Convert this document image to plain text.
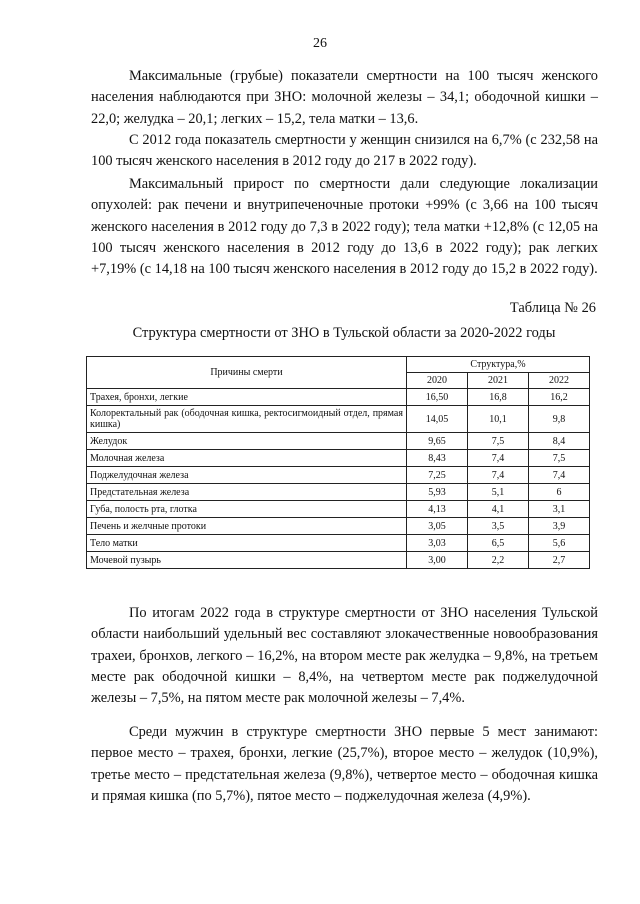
26

Максимальные (грубые) показатели смертности на 100 тысяч женского населения наблюдаются при ЗНО: молочной железы – 34,1; ободочной кишки – 22,0; желудка – 20,1; легких – 15,2, тела матки – 13,6.

С 2012 года показатель смертности у женщин снизился на 6,7% (с 232,58 на 100 тысяч женского населения в 2012 году до 217 в 2022 году).

Максимальный прирост по смертности дали следующие локализации опухолей: рак печени и внутрипеченочные протоки +99% (с 3,66 на 100 тысяч женского населения в 2012 году до 7,3 в 2022 году); тела матки +12,8% (с 12,05 на 100 тысяч женского населения в 2012 году до 13,6 в 2022 году); рак легких +7,19% (с 14,18 на 100 тысяч женского населения в 2012 году до 15,2 в 2022 году).

Таблица № 26
Структура смертности от ЗНО в Тульской области за 2020-2022 годы
Причины смерти	Структура,%		
	2020	2021	2022
Трахея, бронхи, легкие	16,50	16,8	16,2
Колоректальный рак (ободочная кишка, ректосигмоидный отдел, прямая кишка)	14,05	10,1	9,8
Желудок	9,65	7,5	8,4
Молочная железа	8,43	7,4	7,5
Поджелудочная железа	7,25	7,4	7,4
Предстательная железа	5,93	5,1	6
Губа, полость рта, глотка	4,13	4,1	3,1
Печень и желчные протоки	3,05	3,5	3,9
Тело матки	3,03	6,5	5,6
Мочевой пузырь	3,00	2,2	2,7

По итогам 2022 года в структуре смертности от ЗНО населения Тульской области наибольший удельный вес составляют злокачественные новообразования трахеи, бронхов, легкого – 16,2%, на втором месте рак желудка – 9,8%, на третьем месте рак ободочной кишки – 8,4%, на четвертом месте рак поджелудочной железы – 7,5%, на пятом месте рак молочной железы – 7,4%.

Среди мужчин в структуре смертности ЗНО первые 5 мест занимают: первое место – трахея, бронхи, легкие (25,7%), второе место – желудок (10,9%), третье место – предстательная железа (9,8%), четвертое место – ободочная кишка и прямая кишка (по 5,7%), пятое место – поджелудочная железа (4,9%).
